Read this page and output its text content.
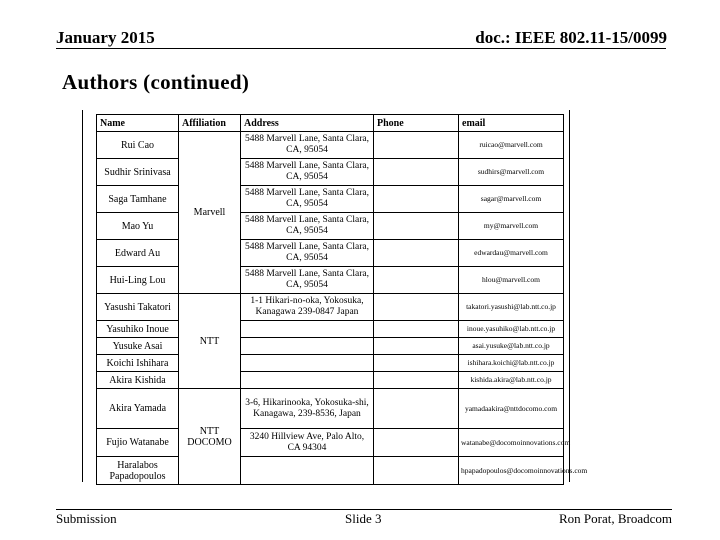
January 2015	doc.: IEEE 802.11-15/0099
Authors (continued)
Name	Affiliation	Address	Phone	email
Rui Cao	Marvell	5488 Marvell Lane, Santa Clara, CA, 95054		ruicao@marvell.com
Sudhir Srinivasa		5488 Marvell Lane, Santa Clara, CA, 95054		sudhirs@marvell.com
Saga Tamhane		5488 Marvell Lane, Santa Clara, CA, 95054		sagar@marvell.com
Mao Yu		5488 Marvell Lane, Santa Clara, CA, 95054		my@marvell.com
Edward Au		5488 Marvell Lane, Santa Clara, CA, 95054		edwardau@marvell.com
Hui-Ling Lou		5488 Marvell Lane, Santa Clara, CA, 95054		hlou@marvell.com
Yasushi Takatori	NTT	1-1 Hikari-no-oka, Yokosuka, Kanagawa 239-0847 Japan		takatori.yasushi@lab.ntt.co.jp
Yasuhiko Inoue				inoue.yasuhiko@lab.ntt.co.jp
Yusuke Asai				asai.yusuke@lab.ntt.co.jp
Koichi Ishihara				ishihara.koichi@lab.ntt.co.jp
Akira Kishida				kishida.akira@lab.ntt.co.jp
Akira Yamada	NTT DOCOMO	3-6, Hikarinooka, Yokosuka-shi, Kanagawa, 239-8536, Japan		yamadaakira@nttdocomo.com
Fujio Watanabe		3240 Hillview Ave, Palo Alto, CA 94304		watanabe@docomoinnovations.com
Haralabos Papadopoulos				hpapadopoulos@docomoinnovations.com
Submission	Slide 3	Ron Porat, Broadcom
